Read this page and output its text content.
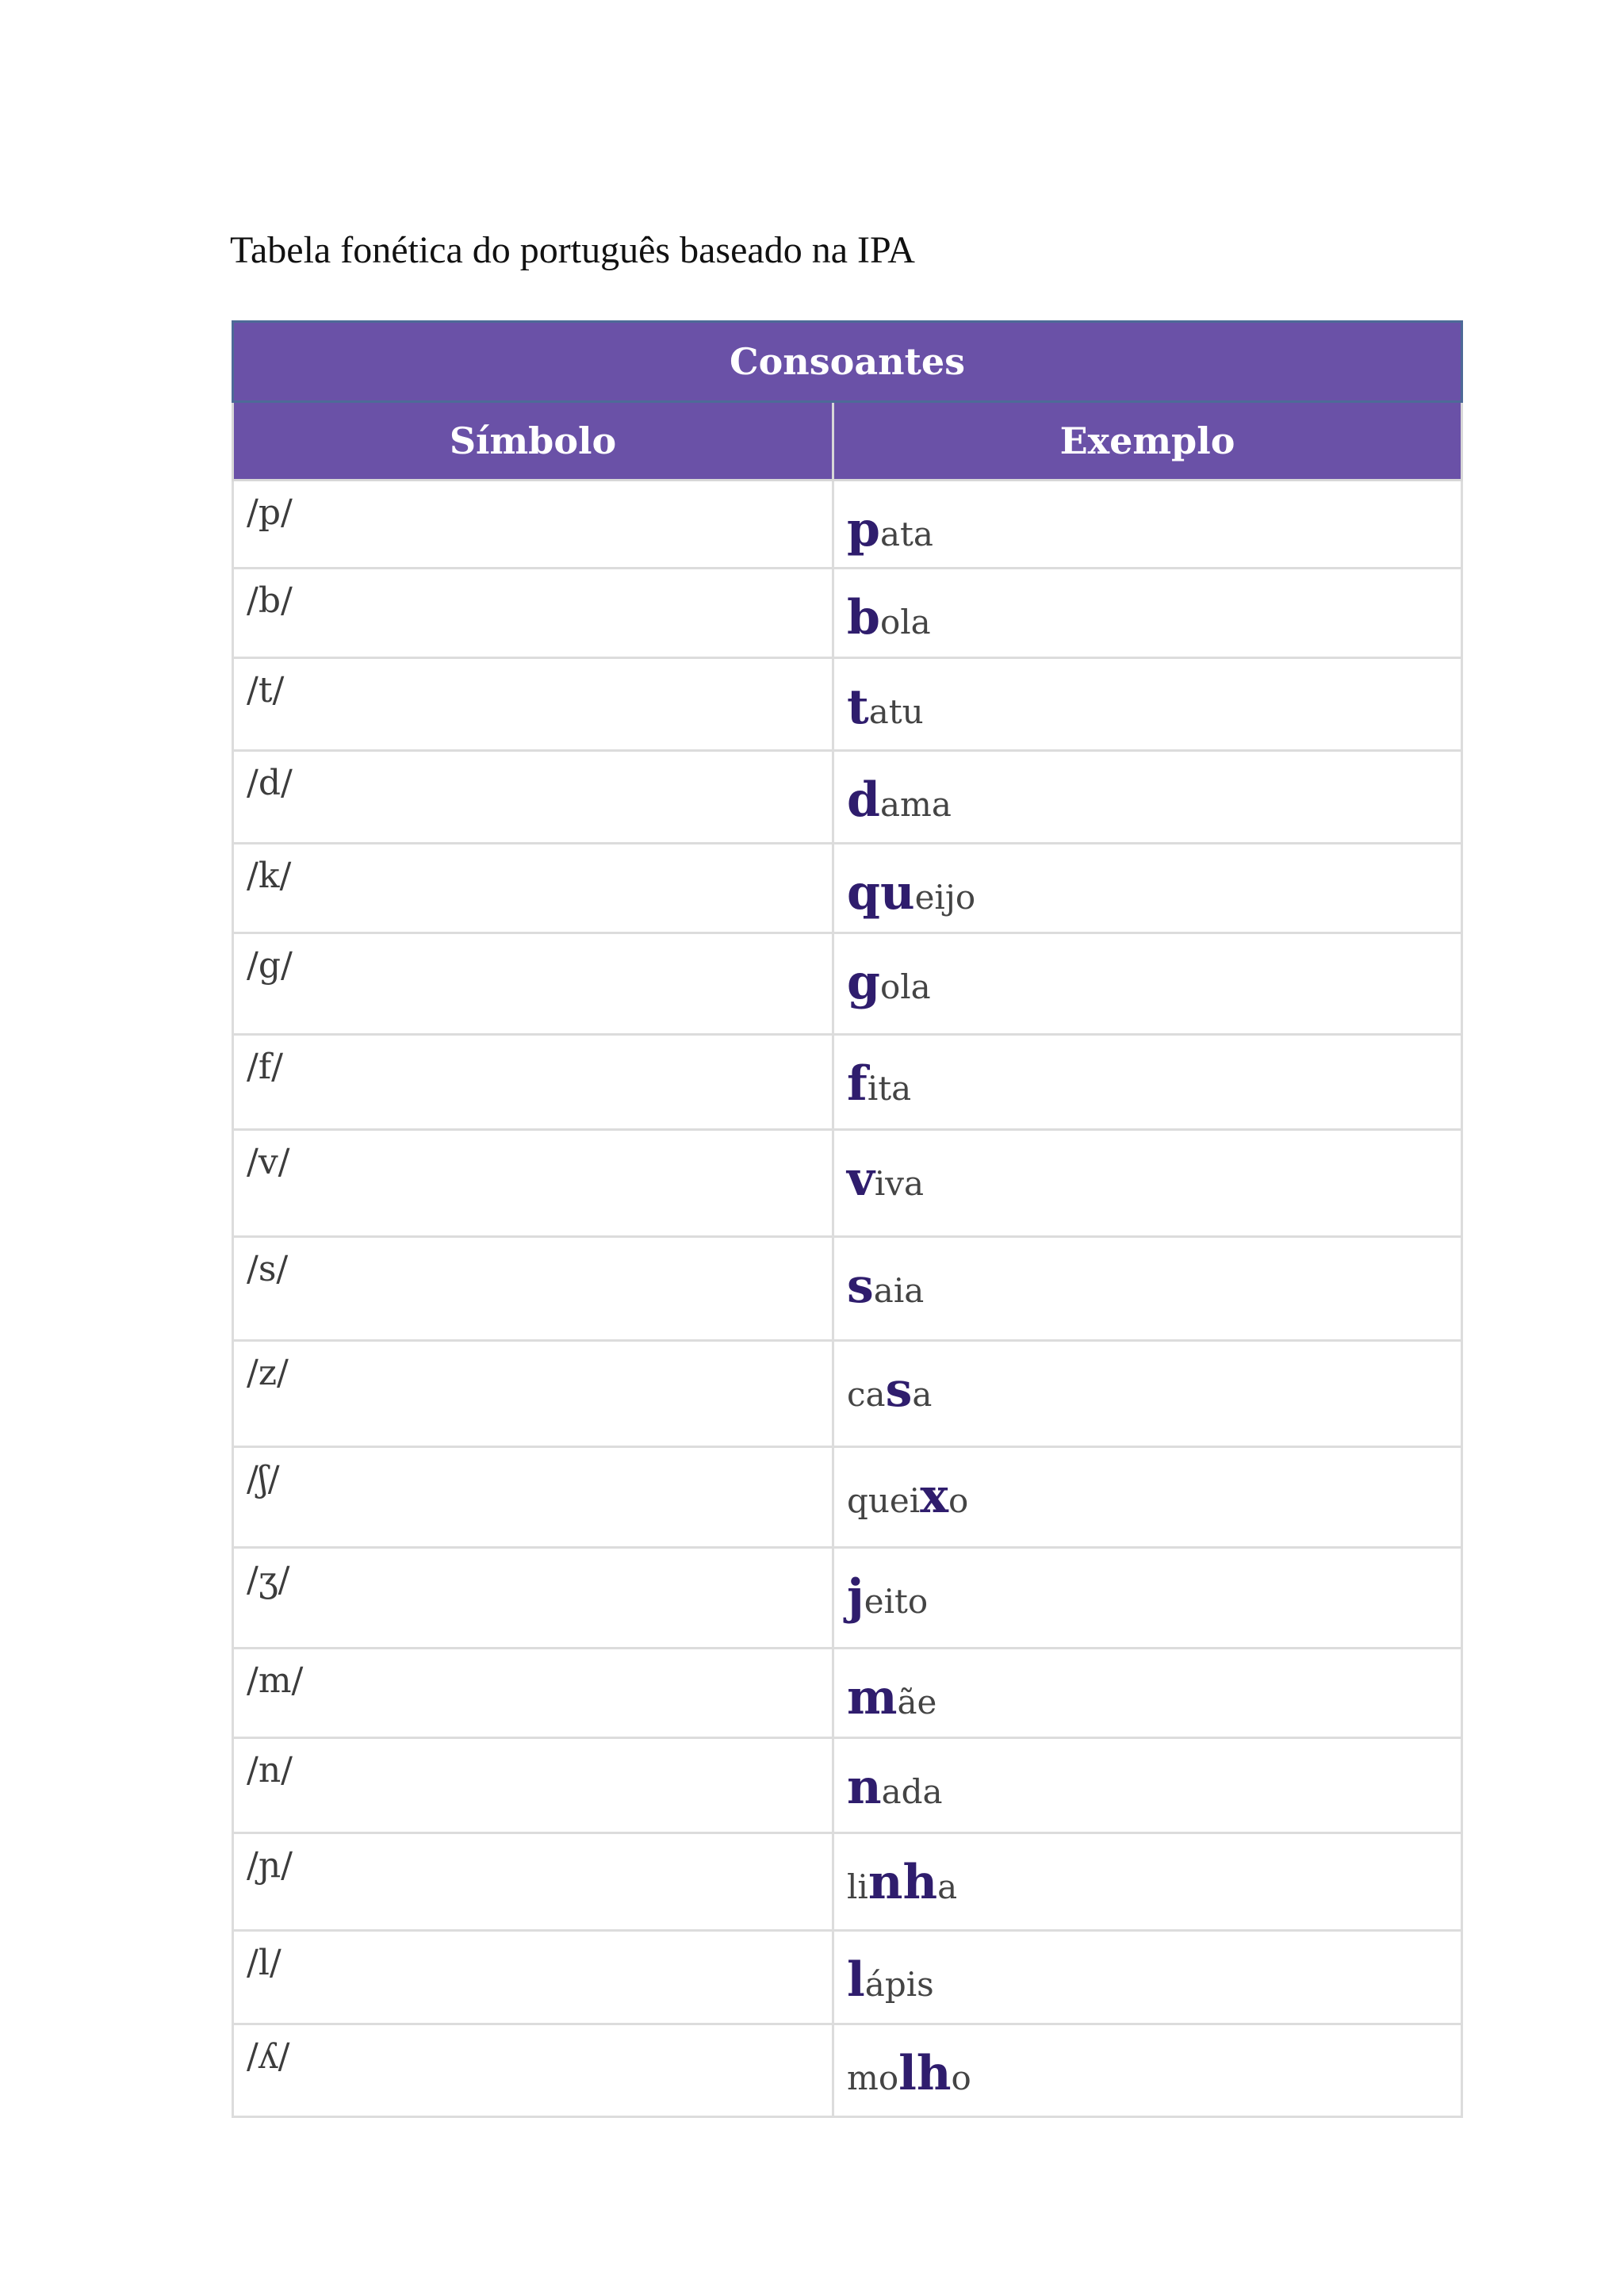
Tabela fonética do português baseado na IPA
Consoantes	
Símbolo	Exemplo
/p/	pata
/b/	bola
/t/	tatu
/d/	dama
/k/	queijo
/g/	gola
/f/	fita
/v/	viva
/s/	saia
/z/	casa
/ʃ/	queixo
/ʒ/	jeito
/m/	mãe
/n/	nada
/ɲ/	linha
/l/	lápis
/ʎ/	molho
